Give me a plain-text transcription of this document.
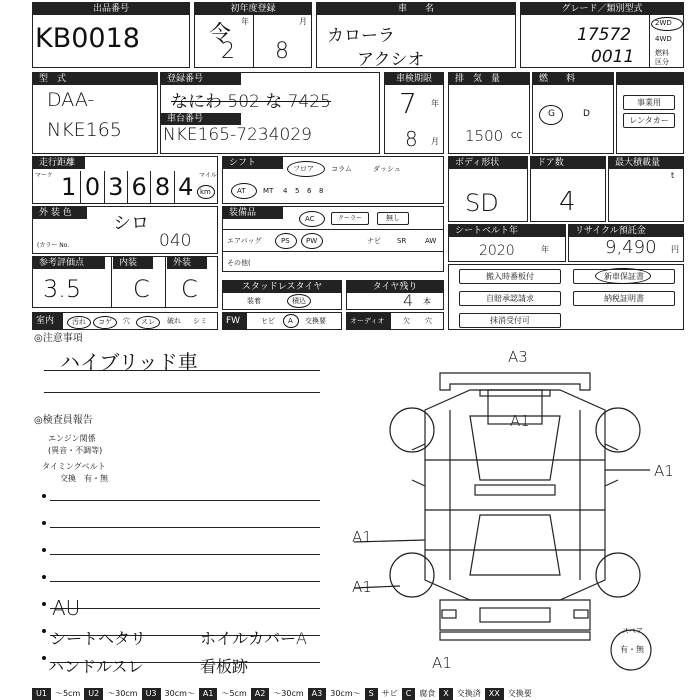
出品番号
KB0018
初年度登録
年	月
令
2 8
車　　名
カローラ
アクシオ
グレード／類別型式
17572
0011
2WD
4WD
燃料
区分
型　式
DAA-
NKE165
登録番号
なにわ 502 な 7425
車台番号
NKE165-7234029
車検期限
7 年
8 月
排　気　量
1500 CC
燃　　料
G	D
事業用
レンタカー
走行距離
マーケ 1 0 3 6 8 4 マイル
km
シフト
フロア コラム	ダッシュ
AT MT 4 5 6 8
ボディ形状
SD
ドア数
4
最大積載量
t
外 装 色	シロ
(カラー No.	040
装備品
AC	クーラー	無し
エアバッグ	PS PW	ナビ SR	AW
その他(
シートベルト年
2020	年
リサイクル預託金
9,490 円
参考評価点	内装	外装
3.5 C C	スタッドレスタイヤ
装着	積込
タイヤ残り
4 本
搬入時番板付	新車保証書
自賠承認請求	納税証明書
抹消受付可
室内	汚れ	コゲ	穴	スレ	破れ	シミ	FW	ヒビ A 交換要	オーディオ	欠 穴
◎注意事項
ハイブリッド車
◎検査員報告
エンジン関係
(異音・不調等)
タイミングベルト
交換　有・無
AU
シートヘタリ	ホイルカバーA
ハンドルスレ	看板跡
A3
A1
A1
A1
A1
A1
スペア
有・無
U1	～5cm	U2	～30cm	U3	30cm～	A1	～5cm	A2	～30cm	A3	30cm～	S	サビ	C	腐食	X	交換済	XX	交換要
